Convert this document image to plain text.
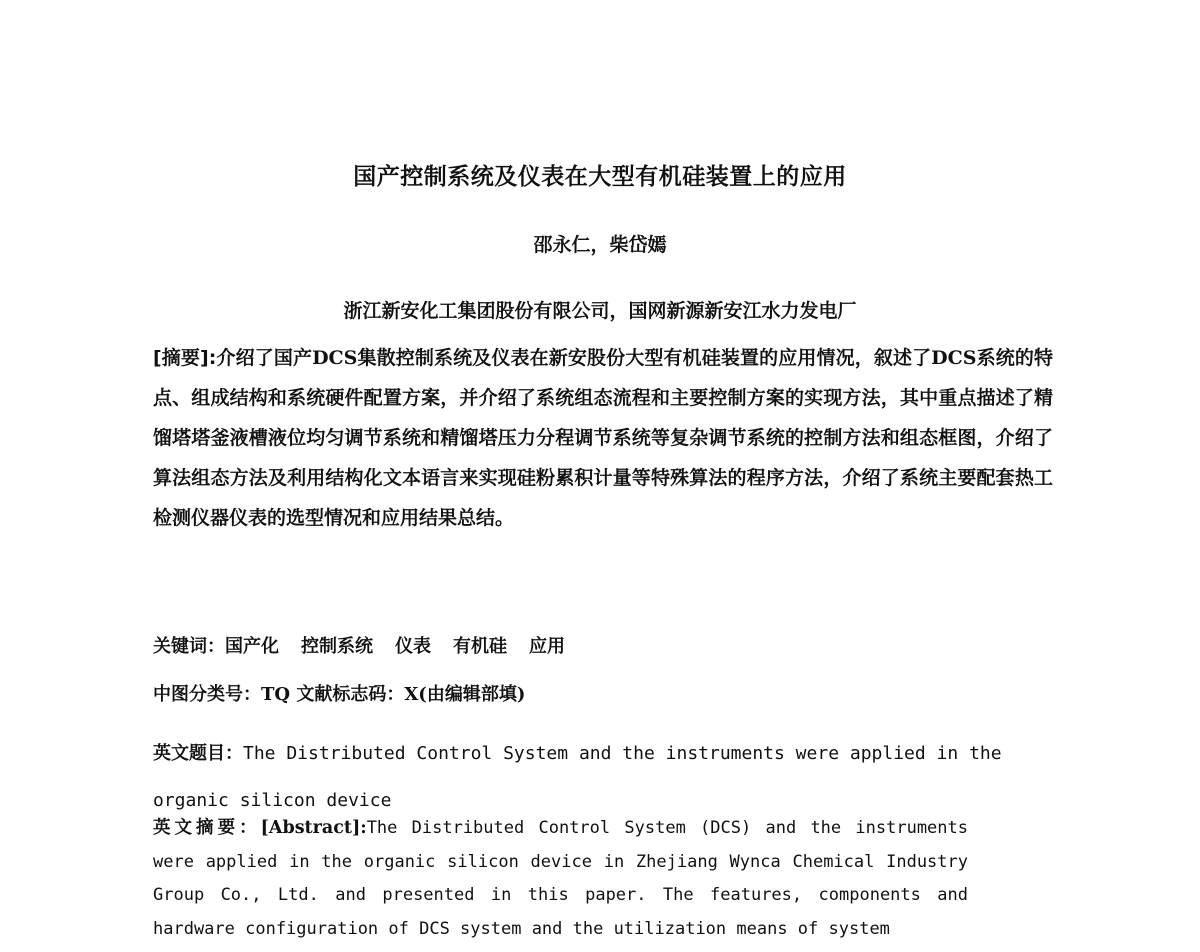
国产控制系统及仪表在大型有机硅装置上的应用
邵永仁，柴岱嫣
浙江新安化工集团股份有限公司，国网新源新安江水力发电厂

[摘要]:介绍了国产DCS集散控制系统及仪表在新安股份大型有机硅装置的应用情况，叙述了DCS系统的特点、组成结构和系统硬件配置方案，并介绍了系统组态流程和主要控制方案的实现方法，其中重点描述了精馏塔塔釜液槽液位均匀调节系统和精馏塔压力分程调节系统等复杂调节系统的控制方法和组态框图，介绍了算法组态方法及利用结构化文本语言来实现硅粉累积计量等特殊算法的程序方法，介绍了系统主要配套热工检测仪器仪表的选型情况和应用结果总结。

关键词：国产化 控制系统 仪表 有机硅 应用
中图分类号：TQ 文献标志码：X(由编辑部填)
英文题目：The Distributed Control System and the instruments were applied in the organic silicon device

英文摘要：[Abstract]:The Distributed Control System (DCS) and the instruments were applied in the organic silicon device in Zhejiang Wynca Chemical Industry Group Co., Ltd. and presented in this paper. The features, components and hardware configuration of DCS system and the utilization means of system
